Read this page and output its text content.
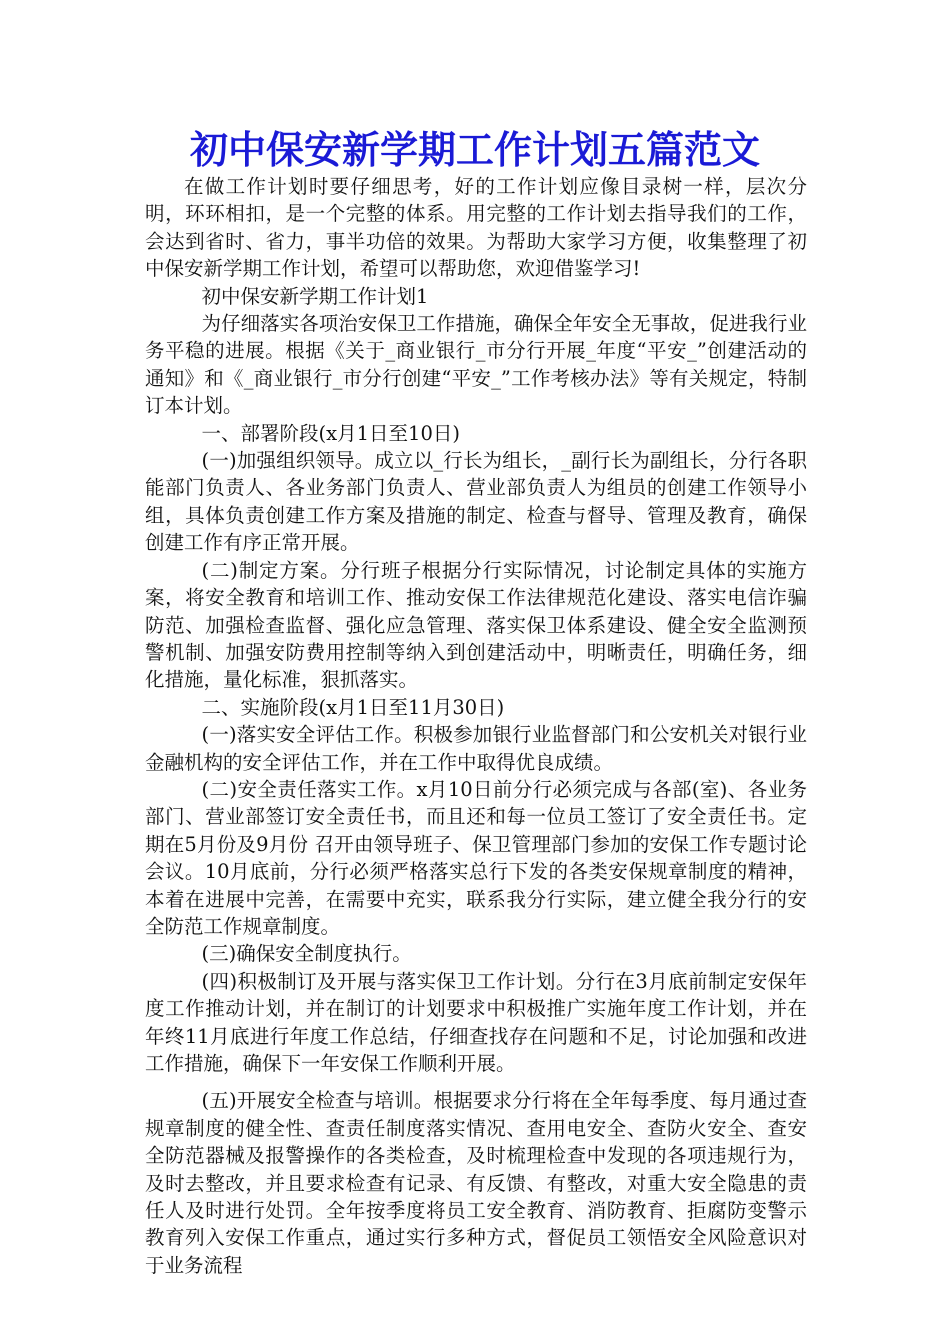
初中保安新学期工作计划五篇范文

在做工作计划时要仔细思考，好的工作计划应像目录树一样，层次分明，环环相扣，是一个完整的体系。用完整的工作计划去指导我们的工作，会达到省时、省力，事半功倍的效果。为帮助大家学习方便，收集整理了初中保安新学期工作计划，希望可以帮助您，欢迎借鉴学习!

初中保安新学期工作计划1

为仔细落实各项治安保卫工作措施，确保全年安全无事故，促进我行业务平稳的进展。根据《关于_商业银行_市分行开展_年度“平安_”创建活动的通知》和《_商业银行_市分行创建“平安_”工作考核办法》等有关规定，特制订本计划。

一、部署阶段(x月1日至10日)

(一)加强组织领导。成立以_行长为组长，_副行长为副组长，分行各职能部门负责人、各业务部门负责人、营业部负责人为组员的创建工作领导小组，具体负责创建工作方案及措施的制定、检查与督导、管理及教育，确保创建工作有序正常开展。

(二)制定方案。分行班子根据分行实际情况，讨论制定具体的实施方案，将安全教育和培训工作、推动安保工作法律规范化建设、落实电信诈骗防范、加强检查监督、强化应急管理、落实保卫体系建设、健全安全监测预警机制、加强安防费用控制等纳入到创建活动中，明晰责任，明确任务，细化措施，量化标准，狠抓落实。

二、实施阶段(x月1日至11月30日)

(一)落实安全评估工作。积极参加银行业监督部门和公安机关对银行业金融机构的安全评估工作，并在工作中取得优良成绩。

(二)安全责任落实工作。x月10日前分行必须完成与各部(室)、各业务部门、营业部签订安全责任书，而且还和每一位员工签订了安全责任书。定期在5月份及9月份 召开由领导班子、保卫管理部门参加的安保工作专题讨论会议。10月底前，分行必须严格落实总行下发的各类安保规章制度的精神，本着在进展中完善，在需要中充实，联系我分行实际，建立健全我分行的安全防范工作规章制度。

(三)确保安全制度执行。

(四)积极制订及开展与落实保卫工作计划。分行在3月底前制定安保年度工作推动计划，并在制订的计划要求中积极推广实施年度工作计划，并在年终11月底进行年度工作总结，仔细查找存在问题和不足，讨论加强和改进工作措施，确保下一年安保工作顺利开展。

(五)开展安全检查与培训。根据要求分行将在全年每季度、每月通过查规章制度的健全性、查责任制度落实情况、查用电安全、查防火安全、查安全防范器械及报警操作的各类检查，及时梳理检查中发现的各项违规行为，及时去整改，并且要求检查有记录、有反馈、有整改，对重大安全隐患的责任人及时进行处罚。全年按季度将员工安全教育、消防教育、拒腐防变警示教育列入安保工作重点，通过实行多种方式，督促员工领悟安全风险意识对于业务流程
